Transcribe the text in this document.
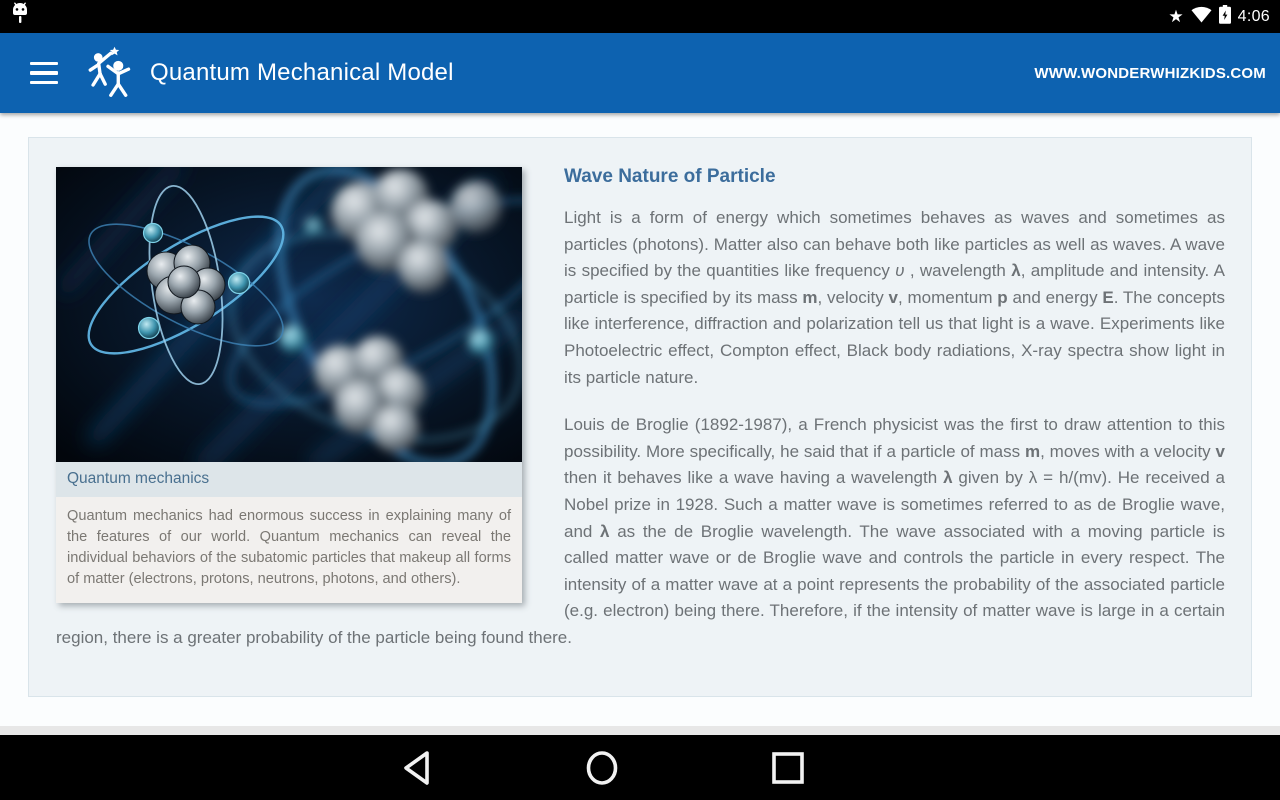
★	4:06
Quantum Mechanical Model	WWW.WONDERWHIZKIDS.COM
Quantum mechanics
Quantum mechanics had enormous success in explaining many of the features of our world. Quantum mechanics can reveal the individual behaviors of the subatomic particles that makeup all forms of matter (electrons, protons, neutrons, photons, and others).
Wave Nature of Particle

Light is a form of energy which sometimes behaves as waves and sometimes as particles (photons). Matter also can behave both like particles as well as waves. A wave is specified by the quantities like frequency υ , wavelength λ, amplitude and intensity. A particle is specified by its mass m, velocity v, momentum p and energy E. The concepts like interference, diffraction and polarization tell us that light is a wave. Experiments like Photoelectric effect, Compton effect, Black body radiations, X-ray spectra show light in its particle nature.

Louis de Broglie (1892-1987), a French physicist was the first to draw attention to this possibility. More specifically, he said that if a particle of mass m, moves with a velocity v then it behaves like a wave having a wavelength λ given by λ = h/(mv). He received a Nobel prize in 1928. Such a matter wave is sometimes referred to as de Broglie wave, and λ as the de Broglie wavelength. The wave associated with a moving particle is called matter wave or de Broglie wave and controls the particle in every respect. The intensity of a matter wave at a point represents the probability of the associated particle (e.g. electron) being there. Therefore, if the intensity of matter wave is large in a certain region, there is a greater probability of the particle being found there.
